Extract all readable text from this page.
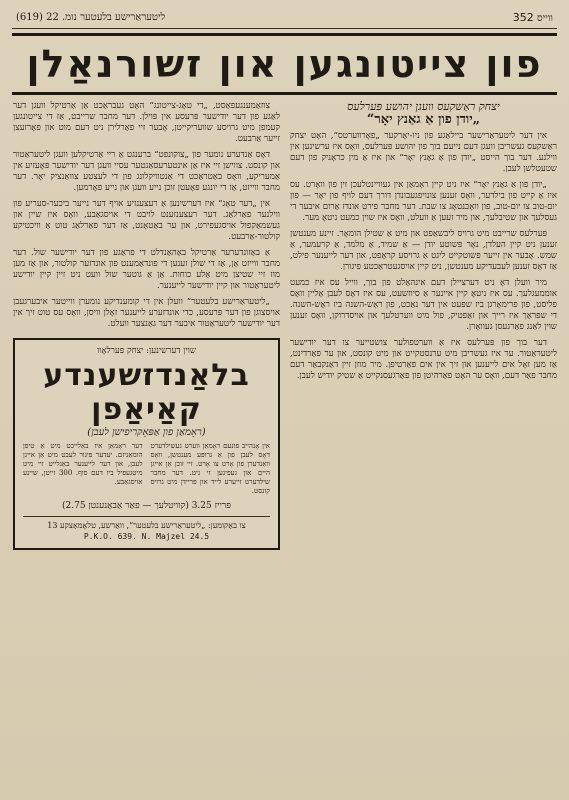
ווייס 352
ליטעראַרישע בלעטער נומ. 22 (619)
פון צייטונגען און זשורנאַלן
יצחק ראַשקעס וועגן יהושע פּערלעס
„יודן פון אַ גאַנץ יאָר“

אין דער ליטעראַרישער ביילאַגע פון ניו-יאָרקער „פאָרווערטס“, האָט יצחק ראַשקעס געשריבן וועגן דעם נייעם בוך פון יהושע פּערלעס, וואָס איז ערשינען אין ווילנע. דער בוך הייסט „יודן פון אַ גאַנץ יאָר“ און איז אַ מין כראָניק פון דעם שטעטלשן לעבן.

„יודן פון אַ גאַנץ יאָר“ איז ניט קיין ראָמאַן אין געוויינטלעכן זין פון וואָרט. עס איז אַ קייט פון בילדער, וואָס זענען צונויפגעבונדן דורך דעם לויף פון יאָר — פון יום-טוב צו יום-טוב, פון וואָכנטאָג צו שבת. דער מחבר פירט אונדז אַרום איבער די געסלעך און שטיבלעך, און מיר זעען אַ וועלט, וואָס איז שוין כמעט ניטאָ מער.

פּערלעס שרייבט מיט גרויס ליבשאַפט און מיט אַ שטילן הומאָר. זיינע מענטשן זענען ניט קיין העלדן, נאָר פּשוטע יודן — אַ שמיד, אַ מלמד, אַ קרעמער, אַ שמש. אָבער אין זייער פּשוטקייט ליגט אַ גרויסע קראַפט, און דער לייענער פילט, אַז דאָס זענען לעבעדיקע מענטשן, ניט קיין אויסגעטראַכטע פיגורן.

מיר וועלן דאָ ניט דערציילן דעם אינהאַלט פון בוך, ווייל עס איז כמעט אוממעגלעך. עס איז ניטאָ קיין איינער אַ סיוזשעט, עס איז דאָס לעבן אַליין וואָס פליסט, פון פרימאָרגן ביז שפּעט אין דער נאַכט, פון ראָש-השנה ביז ראָש-השנה. די שפּראַך איז רייך און זאַפטיק, פול מיט ווערטלעך און אויסדרוקן, וואָס זענען שוין לאַנג פאַרגעסן געוואָרן.

דער בוך פון פּערלעס איז אַ ווערטפולער צושטייער צו דער יודישער ליטעראַטור. ער איז געשריבן מיט ערנסטקייט און מיט קונסט, און ער פאַרדינט, אַז מען זאָל אים לייענען און זיך אין אים פאַרטיפן. מיר מוזן זיין דאַנקבאַר דעם מחבר פאַר דעם, וואָס ער האָט פאַרהיטן פון פאַרגעסנקייט אַ שטיק יודיש לעבן.

צוזאַמענגעפאַסט, „די טאָג-צייטונג“ האָט געבראַכט אַן אַרטיקל וועגן דער לאַגע פון דער יודישער פּרעסע אין פּוילן. דער מחבר שרייבט, אַז די צייטונגען קעמפן מיט גרויסע שוועריקייטן, אָבער זיי פאַרלירן ניט דעם מוט און פאָרזעצן זייער אַרבעט.

דאָס אַנדערע נומער פון „צוקונפט“ ברענגט אַ ריי אַרטיקלען וועגן ליטעראַטור און קונסט. צווישן זיי איז אַן אינטערעסאַנטער עסיי וועגן דער יודישער פּאָעזיע אין אַמעריקע, וואָס באַטראַכט די אַנטוויקלונג פון די לעצטע צוואַנציק יאָר. דער מחבר ווייזט, אַז די יונגע פּאָעטן זוכן נייע וועגן און נייע פאָרמען.

אין „דער טאָג“ איז דערשינען אַ רעצענזיע אויף דער נייער ביכער-סעריע פון ווילנער פאַרלאַג. דער רעצענזענט לויבט די אויסגאַבע, וואָס איז שיין און געשמאַקפול אויסגעפירט, און ער באַטאָנט, אַז דער פאַרלאַג טוט אַ וויכטיקע קולטור-אַרבעט.

אַ באַזונדערער אַרטיקל באַהאַנדלט די פראַגע פון דער יודישער שול. דער מחבר ווייזט אָן, אַז די שולן זענען די פונדאַמענט פון אונדזער קולטור, און אַז מען מוז זיי שטיצן מיט אַלע כוחות. אָן אַ גוטער שול וועט ניט זיין קיין יודישע ליטעראַטור און קיין יודישער לייענער.

„ליטעראַרישע בלעטער“ וועלן אין די קומענדיקע נומערן ווייטער איבערגעבן אויסצוגן פון דער פּרעסע, כדי אונדזערע לייענער זאָלן וויסן, וואָס עס טוט זיך אין דער יודישער ליטעראַטור איבער דער גאַנצער וועלט.

שוין דערשינען: יצחק פּערלאָוו
בלאַנדזשענדע קאַיאַפן
(ראָמאַן פון אַפּאָקריפישן לעבן)
אין אָנהייב פונעם ראָמאַן ווערט געשילדערט דאָס לעבן פון אַ גרופּע מענטשן, וואָס וואַנדערן פון אָרט צו אָרט. זיי זוכן אַן אייגן היים און געפינען זי ניט. דער מחבר שילדערט זייערע לייד און פריידן מיט גרויס קונסט.
דער ראָמאַן איז באַלייכט מיט אַ טיפן הומאַניזם. יעדער פיגור לעבט מיט אַן אייגן לעבן, און דער לייענער באַגלייט זיי מיט מיטגעפיל ביז דעם סוף. 300 זייטן, שיינע אויסגאַבע.
פּרייז 3.25 (קוויטלעך — פאַר אַבאָנענטן 2.75)
צו באַקומען: „ליטעראַרישע בלעטער“, וואַרשע, טלאָמאַצקע 13
P.K.O. 639. N. Majzel 24.5
